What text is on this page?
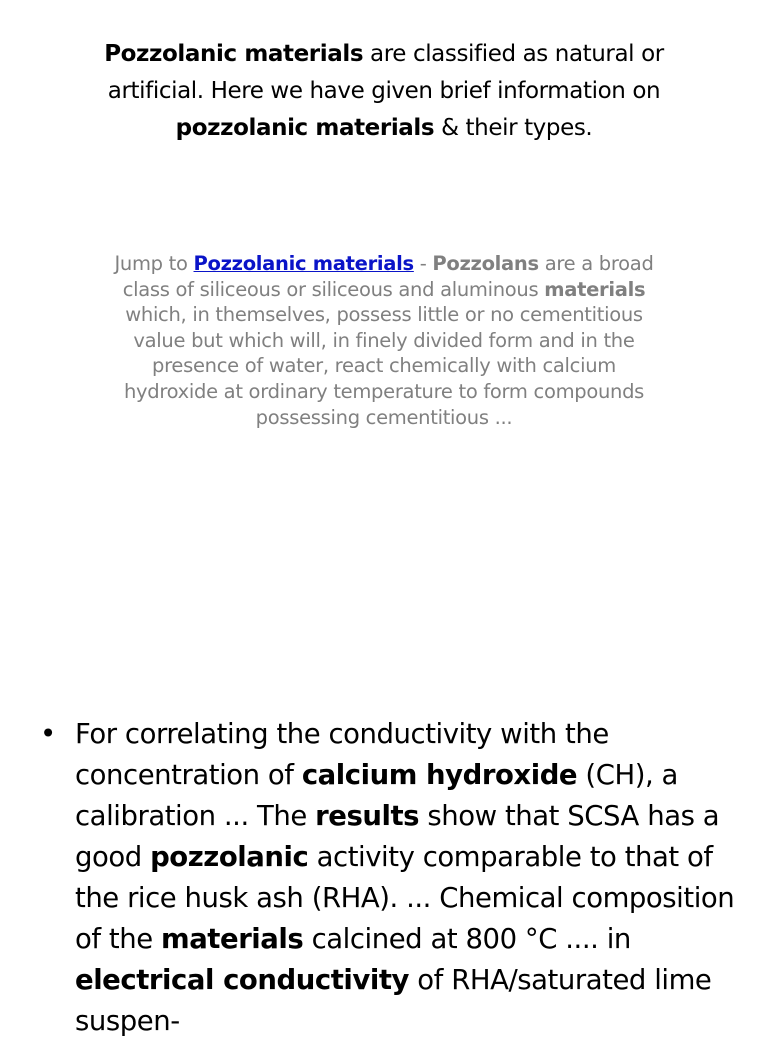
Pozzolanic materials are classified as natural or artificial. Here we have given brief information on pozzolanic materials & their types.

Jump to Pozzolanic materials - Pozzolans are a broad class of siliceous or siliceous and aluminous materials which, in themselves, possess little or no cementitious value but which will, in finely divided form and in the presence of water, react chemically with calcium hydroxide at ordinary temperature to form compounds possessing cementitious ...

• For correlating the conductivity with the concentration of calcium hydroxide (CH), a calibration ... The results show that SCSA has a good pozzolanic activity comparable to that of the rice husk ash (RHA). ... Chemical composition of the materials calcined at 800 °C .... in electrical conductivity of RHA/saturated lime suspen-
